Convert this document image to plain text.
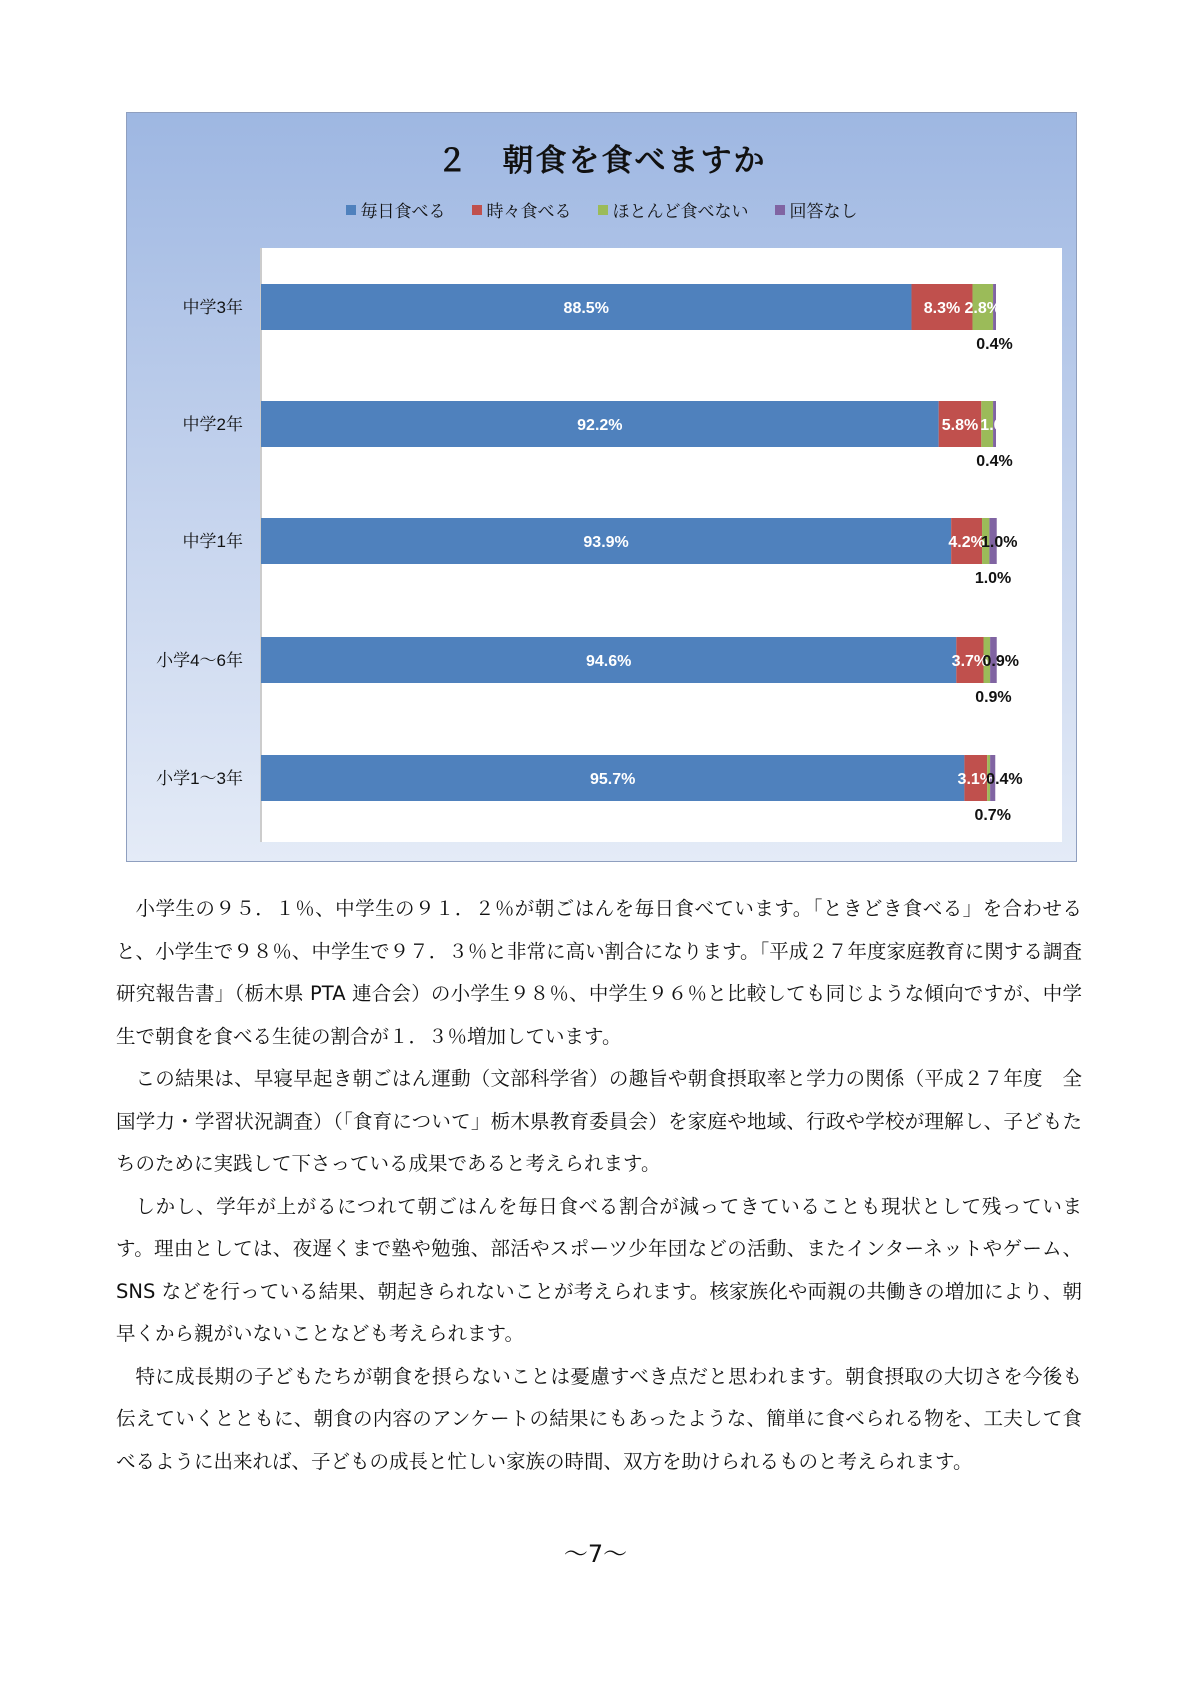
２　朝食を食べますか
毎日食べる 時々食べる ほとんど食べない 回答なし
中学3年	88.5%	8.3% 2.8%
0.4%
中学2年	92.2%	5.8% 1.6%
0.4%
中学1年	93.9%	4.2%
1.0%
1.0%
小学4～6年	94.6%	3.7%
0.9%
0.9%
小学1～3年	95.7%	3.1%
0.4%
0.7%

小学生の９５．１％、中学生の９１．２％が朝ごはんを毎日食べています。「ときどき食べる」を合わせると、小学生で９８％、中学生で９７．３％と非常に高い割合になります。「平成２７年度家庭教育に関する調査研究報告書」（栃木県 PTA 連合会）の小学生９８％、中学生９６％と比較しても同じような傾向ですが、中学生で朝食を食べる生徒の割合が１．３％増加しています。

この結果は、早寝早起き朝ごはん運動（文部科学省）の趣旨や朝食摂取率と学力の関係（平成２７年度　全国学力・学習状況調査）（「食育について」栃木県教育委員会）を家庭や地域、行政や学校が理解し、子どもたちのために実践して下さっている成果であると考えられます。

しかし、学年が上がるにつれて朝ごはんを毎日食べる割合が減ってきていることも現状として残っています。理由としては、夜遅くまで塾や勉強、部活やスポーツ少年団などの活動、またインターネットやゲーム、SNS などを行っている結果、朝起きられないことが考えられます。核家族化や両親の共働きの増加により、朝早くから親がいないことなども考えられます。

特に成長期の子どもたちが朝食を摂らないことは憂慮すべき点だと思われます。朝食摂取の大切さを今後も伝えていくとともに、朝食の内容のアンケートの結果にもあったような、簡単に食べられる物を、工夫して食べるように出来れば、子どもの成長と忙しい家族の時間、双方を助けられるものと考えられます。

～7～
